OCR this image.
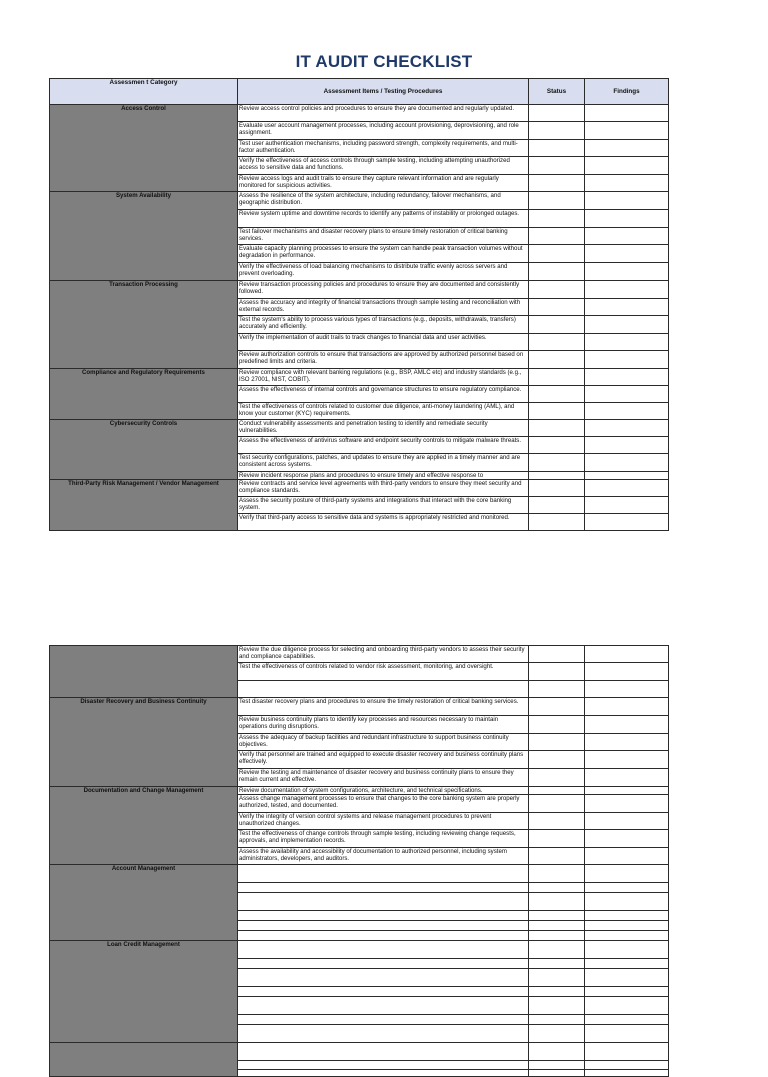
IT AUDIT CHECKLIST
Assessmen t Category	Assessment Items / Testing Procedures	Status	Findings
Access Control	Review access control policies and procedures to ensure they are documented and regularly updated.		
	Evaluate user account management processes, including account provisioning, deprovisioning, and role assignment.		
	Test user authentication mechanisms, including password strength, complexity requirements, and multi-factor authentication.		
	Verify the effectiveness of access controls through sample testing, including attempting unauthorized access to sensitive data and functions.		
	Review access logs and audit trails to ensure they capture relevant information and are regularly monitored for suspicious activities.		
System Availability	Assess the resilience of the system architecture, including redundancy, failover mechanisms, and geographic distribution.		
	Review system uptime and downtime records to identify any patterns of instability or prolonged outages.		
	Test failover mechanisms and disaster recovery plans to ensure timely restoration of critical banking services.		
	Evaluate capacity planning processes to ensure the system can handle peak transaction volumes without degradation in performance.		
	Verify the effectiveness of load balancing mechanisms to distribute traffic evenly across servers and prevent overloading.		
Transaction Processing	Review transaction processing policies and procedures to ensure they are documented and consistently followed.		
	Assess the accuracy and integrity of financial transactions through sample testing and reconciliation with external records.		
	Test the system's ability to process various types of transactions (e.g., deposits, withdrawals, transfers) accurately and efficiently.		
	Verify the implementation of audit trails to track changes to financial data and user activities.		
	Review authorization controls to ensure that transactions are approved by authorized personnel based on predefined limits and criteria.		
Compliance and Regulatory Requirements	Review compliance with relevant banking regulations (e.g., BSP, AMLC etc) and industry standards (e.g., ISO 27001, NIST, COBIT).		
	Assess the effectiveness of internal controls and governance structures to ensure regulatory compliance.		
	Test the effectiveness of controls related to customer due diligence, anti-money laundering (AML), and know your customer (KYC) requirements.		
Cybersecurity Controls	Conduct vulnerability assessments and penetration testing to identify and remediate security vulnerabilities.		
	Assess the effectiveness of antivirus software and endpoint security controls to mitigate malware threats.		
	Test security configurations, patches, and updates to ensure they are applied in a timely manner and are consistent across systems.		
	Review incident response plans and procedures to ensure timely and effective response to		
Third-Party Risk Management / Vendor Management	Review contracts and service level agreements with third-party vendors to ensure they meet security and compliance standards.		
	Assess the security posture of third-party systems and integrations that interact with the core banking system.		
	Verify that third-party access to sensitive data and systems is appropriately restricted and monitored.		
	Review the due diligence process for selecting and onboarding third-party vendors to assess their security and compliance capabilities.		
	Test the effectiveness of controls related to vendor risk assessment, monitoring, and oversight.		

Disaster Recovery and Business Continuity	Test disaster recovery plans and procedures to ensure the timely restoration of critical banking services.		
	Review business continuity plans to identify key processes and resources necessary to maintain operations during disruptions.		
	Assess the adequacy of backup facilities and redundant infrastructure to support business continuity objectives.		
	Verify that personnel are trained and equipped to execute disaster recovery and business continuity plans effectively.		
	Review the testing and maintenance of disaster recovery and business continuity plans to ensure they remain current and effective.		
Documentation and Change Management	Review documentation of system configurations, architecture, and technical specifications.		
	Assess change management processes to ensure that changes to the core banking system are properly authorized, tested, and documented.		
	Verify the integrity of version control systems and release management procedures to prevent unauthorized changes.		
	Test the effectiveness of change controls through sample testing, including reviewing change requests, approvals, and implementation records.		
	Assess the availability and accessibility of documentation to authorized personnel, including system administrators, developers, and auditors.		
Account Management			

Loan Credit Management			
